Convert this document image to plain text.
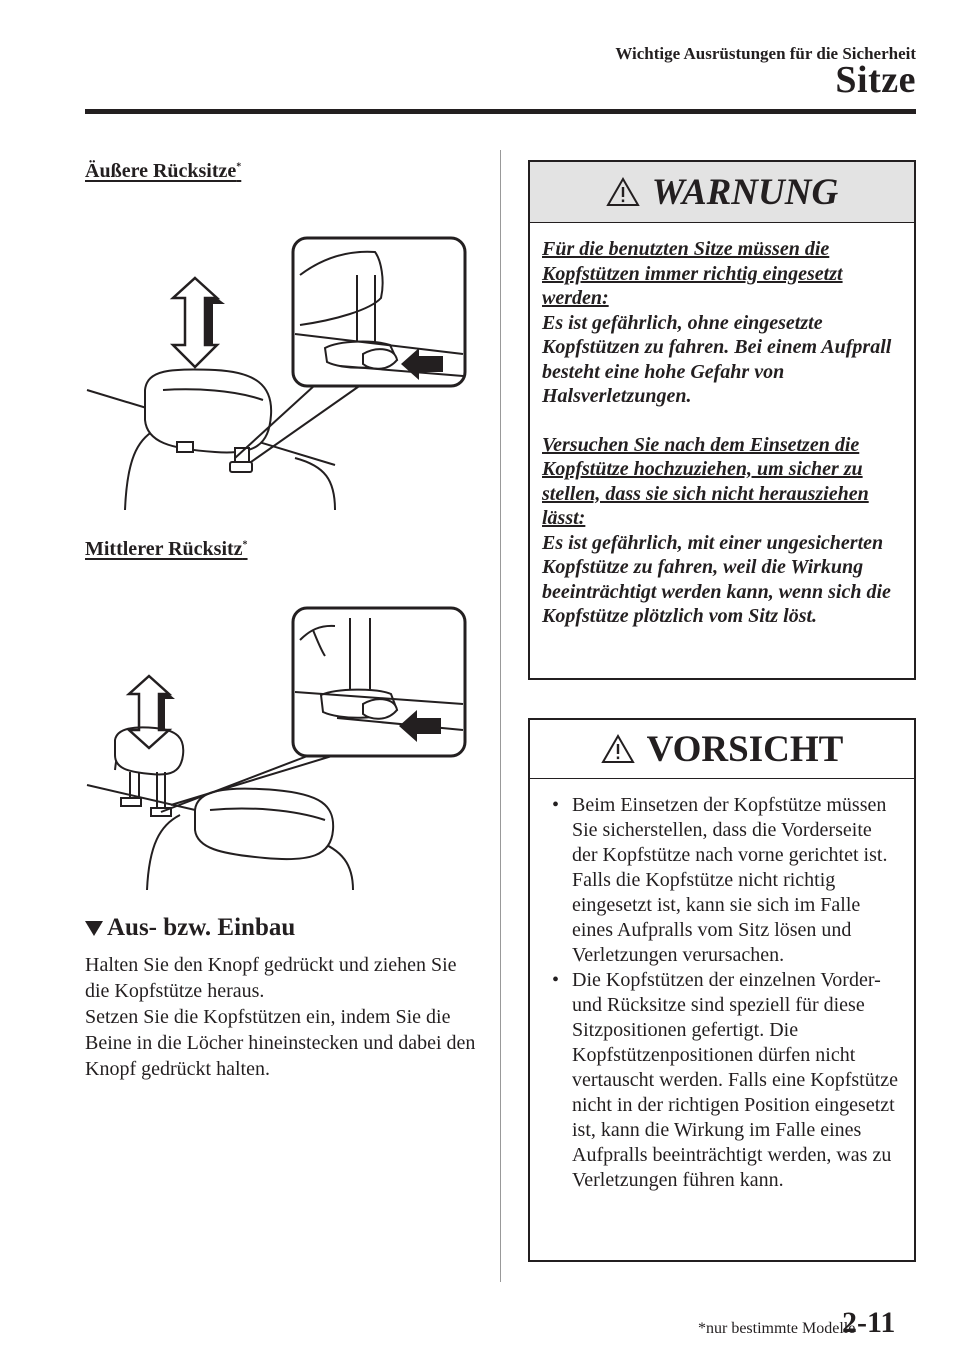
Wichtige Ausrüstungen für die Sicherheit
Sitze
Äußere Rücksitze*
Mittlerer Rücksitz*
Aus- bzw. Einbau

Halten Sie den Knopf gedrückt und ziehen Sie die Kopfstütze heraus.

Setzen Sie die Kopfstützen ein, indem Sie die Beine in die Löcher hineinstecken und dabei den Knopf gedrückt halten.

WARNUNG

Für die benutzten Sitze müssen die Kopfstützen immer richtig eingesetzt werden:

Es ist gefährlich, ohne eingesetzte Kopfstützen zu fahren. Bei einem Aufprall besteht eine hohe Gefahr von Halsverletzungen.

Versuchen Sie nach dem Einsetzen die Kopfstütze hochzuziehen, um sicher zu stellen, dass sie sich nicht herausziehen lässt:

Es ist gefährlich, mit einer ungesicherten Kopfstütze zu fahren, weil die Wirkung beeinträchtigt werden kann, wenn sich die Kopfstütze plötzlich vom Sitz löst.

VORSICHT
• Beim Einsetzen der Kopfstütze müssen Sie sicherstellen, dass die Vorderseite der Kopfstütze nach vorne gerichtet ist. Falls die Kopfstütze nicht richtig eingesetzt ist, kann sie sich im Falle eines Aufpralls vom Sitz lösen und Verletzungen verursachen.
• Die Kopfstützen der einzelnen Vorder- und Rücksitze sind speziell für diese Sitzpositionen gefertigt. Die Kopfstützenpositionen dürfen nicht vertauscht werden. Falls eine Kopfstütze nicht in der richtigen Position eingesetzt ist, kann die Wirkung im Falle eines Aufpralls beeinträchtigt werden, was zu Verletzungen führen kann.
*nur bestimmte Modelle
2-11
